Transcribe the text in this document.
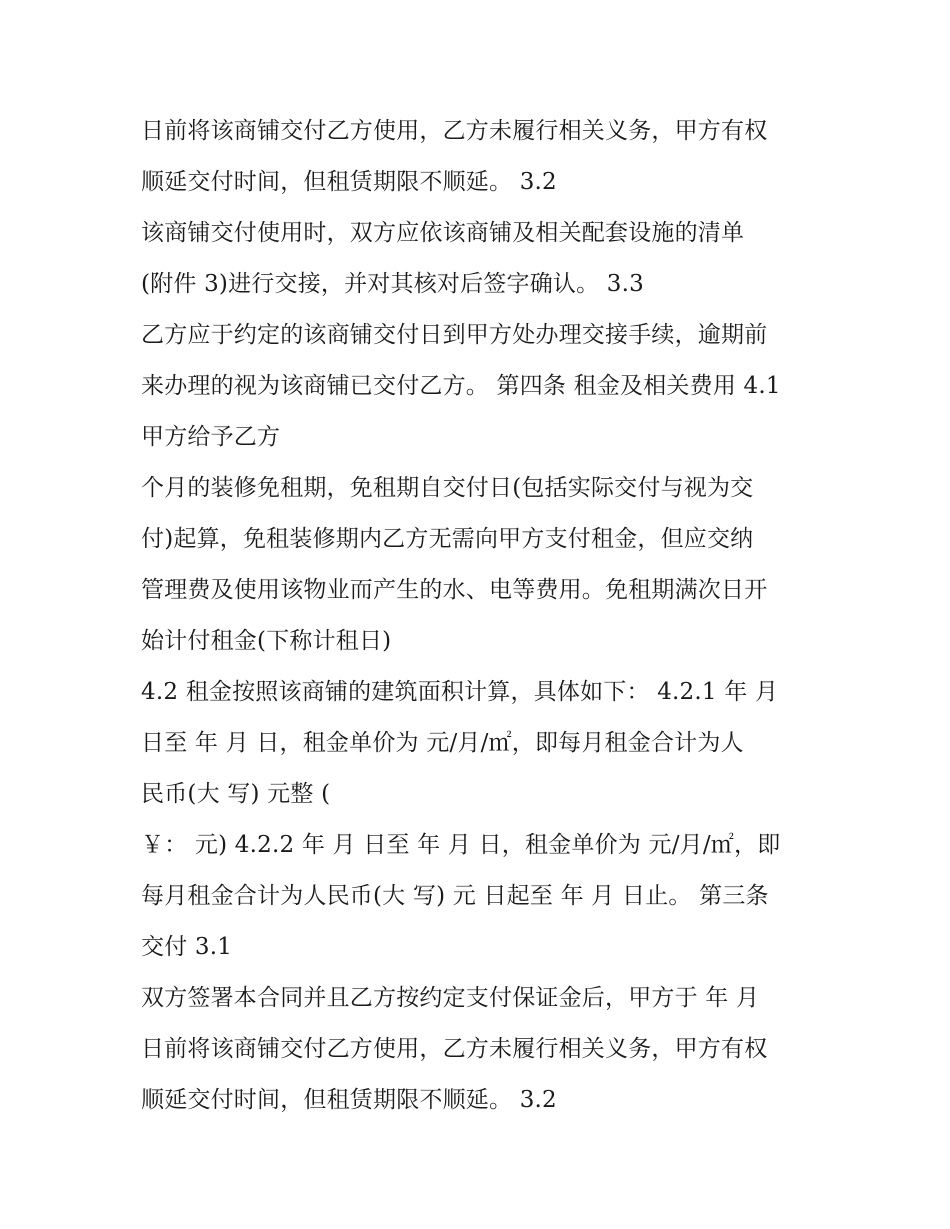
日前将该商铺交付乙方使用，乙方未履行相关义务，甲方有权
顺延交付时间，但租赁期限不顺延。 3.2
该商铺交付使用时，双方应依该商铺及相关配套设施的清单
(附件 3)进行交接，并对其核对后签字确认。 3.3
乙方应于约定的该商铺交付日到甲方处办理交接手续，逾期前
来办理的视为该商铺已交付乙方。 第四条 租金及相关费用 4.1
甲方给予乙方
个月的装修免租期，免租期自交付日(包括实际交付与视为交
付)起算，免租装修期内乙方无需向甲方支付租金，但应交纳
管理费及使用该物业而产生的水、电等费用。免租期满次日开
始计付租金(下称计租日)
4.2 租金按照该商铺的建筑面积计算，具体如下： 4.2.1 年 月
日至 年 月 日，租金单价为 元/月/㎡，即每月租金合计为人
民币(大 写) 元整 (
￥： 元) 4.2.2 年 月 日至 年 月 日，租金单价为 元/月/㎡，即
每月租金合计为人民币(大 写) 元 日起至 年 月 日止。 第三条
交付 3.1
双方签署本合同并且乙方按约定支付保证金后，甲方于 年 月
日前将该商铺交付乙方使用，乙方未履行相关义务，甲方有权
顺延交付时间，但租赁期限不顺延。 3.2
